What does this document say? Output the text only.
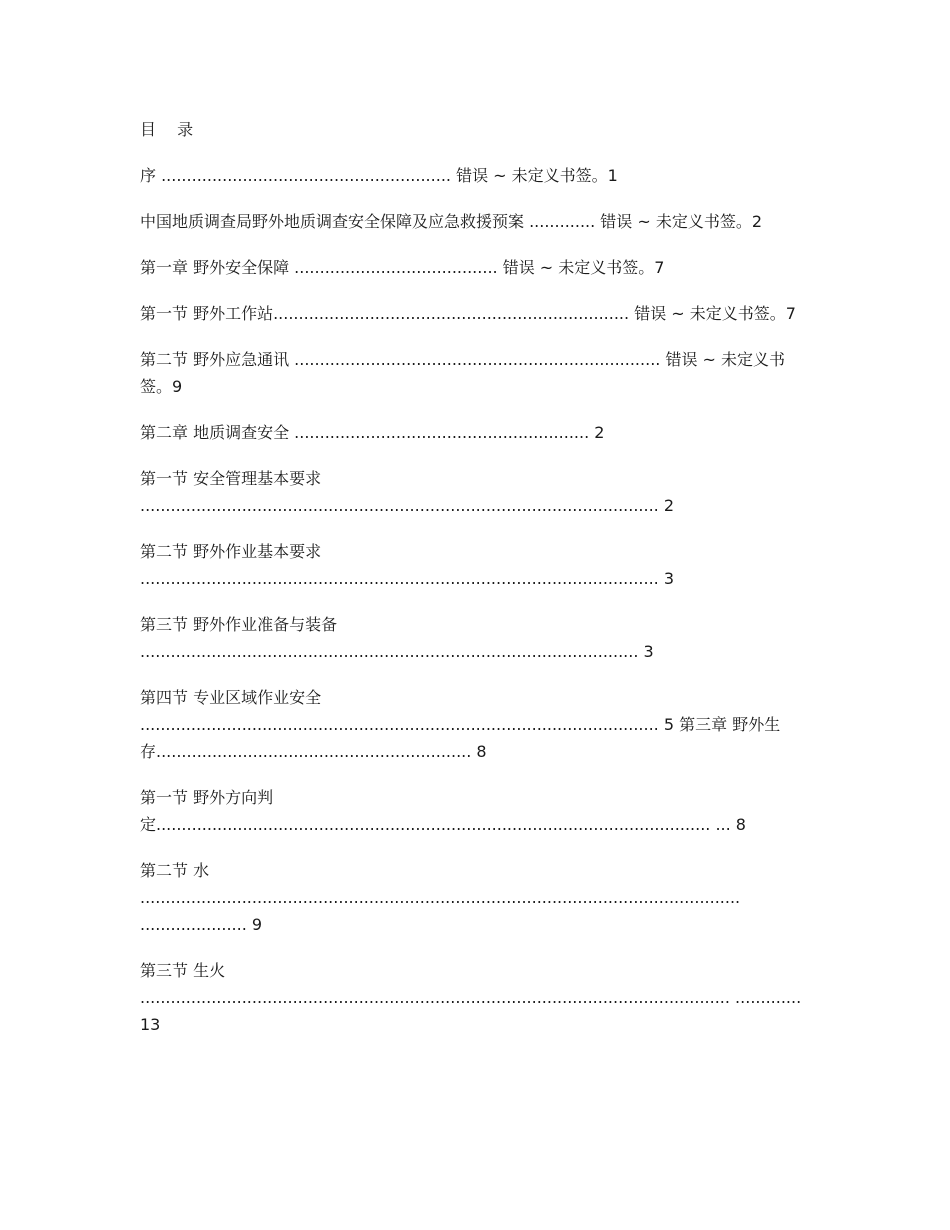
目 录
序 ......................................................... 错误 ~ 未定义书签。1
中国地质调查局野外地质调查安全保障及应急救援预案 ............. 错误 ~ 未定义书签。2
第一章 野外安全保障 ........................................ 错误 ~ 未定义书签。7
第一节 野外工作站...................................................................... 错误 ~ 未定义书签。7
第二节 野外应急通讯 ........................................................................ 错误 ~ 未定义书签。9
第二章 地质调查安全 .......................................................... 2
第一节 安全管理基本要求 ...................................................................................................... 2
第二节 野外作业基本要求 ...................................................................................................... 3
第三节 野外作业准备与装备 .................................................................................................. 3
第四节 专业区域作业安全 ...................................................................................................... 5 第三章 野外生存.............................................................. 8
第一节 野外方向判定............................................................................................................. ... 8
第二节 水 ...................................................................................................................... ..................... 9
第三节 生火 .................................................................................................................... ............. 13
